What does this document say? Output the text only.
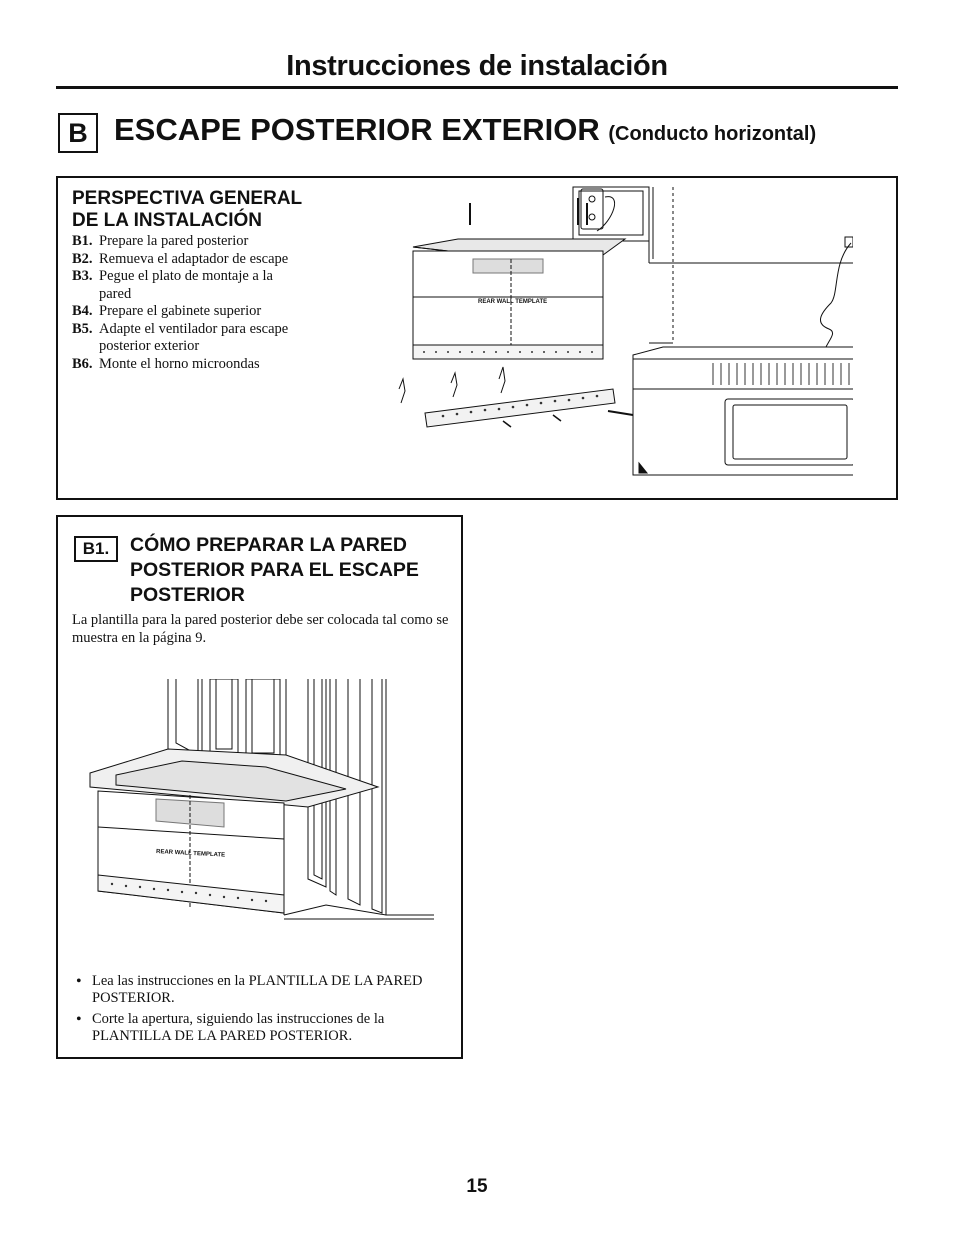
Instrucciones de instalación
B ESCAPE POSTERIOR EXTERIOR (Conducto horizontal)
PERSPECTIVA GENERAL
DE LA INSTALACIÓN
B1. Prepare la pared posterior
B2. Remueva el adaptador de escape
B3. Pegue el plato de montaje a la pared
B4. Prepare el gabinete superior
B5. Adapte el ventilador para escape posterior exterior
B6. Monte el horno microondas
REAR WALL TEMPLATE
B1.	CÓMO PREPARAR LA PARED POSTERIOR PARA EL ESCAPE POSTERIOR
La plantilla para la pared posterior debe ser colocada tal como se muestra en la página 9.
REAR WALL TEMPLATE
• Lea las instrucciones en la PLANTILLA DE LA PARED POSTERIOR.
• Corte la apertura, siguiendo las instrucciones de la PLANTILLA DE LA PARED POSTERIOR.
15
